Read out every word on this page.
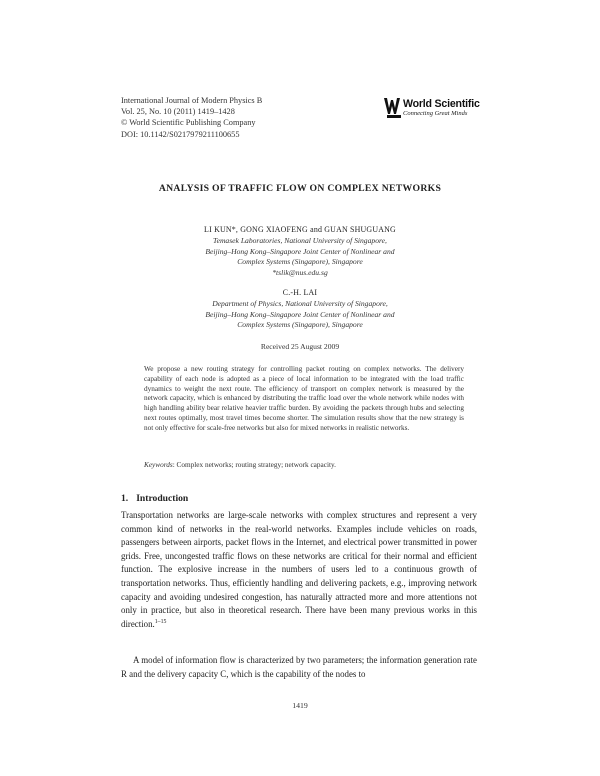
International Journal of Modern Physics B
Vol. 25, No. 10 (2011) 1419–1428
© World Scientific Publishing Company
DOI: 10.1142/S0217979211100655
World Scientific
Connecting Great Minds
ANALYSIS OF TRAFFIC FLOW ON COMPLEX NETWORKS
LI KUN*, GONG XIAOFENG and GUAN SHUGUANG
Temasek Laboratories, National University of Singapore,
Beijing–Hong Kong–Singapore Joint Center of Nonlinear and
Complex Systems (Singapore), Singapore
*tslik@nus.edu.sg
C.-H. LAI
Department of Physics, National University of Singapore,
Beijing–Hong Kong–Singapore Joint Center of Nonlinear and
Complex Systems (Singapore), Singapore
Received 25 August 2009
We propose a new routing strategy for controlling packet routing on complex networks. The delivery capability of each node is adopted as a piece of local information to be integrated with the load traffic dynamics to weight the next route. The efficiency of transport on complex network is measured by the network capacity, which is enhanced by distributing the traffic load over the whole network while nodes with high handling ability bear relative heavier traffic burden. By avoiding the packets through hubs and selecting next routes optimally, most travel times become shorter. The simulation results show that the new strategy is not only effective for scale-free networks but also for mixed networks in realistic networks.
Keywords: Complex networks; routing strategy; network capacity.
1. Introduction
Transportation networks are large-scale networks with complex structures and represent a very common kind of networks in the real-world networks. Examples include vehicles on roads, passengers between airports, packet flows in the Internet, and electrical power transmitted in power grids. Free, uncongested traffic flows on these networks are critical for their normal and efficient function. The explosive increase in the numbers of users led to a continuous growth of transportation networks. Thus, efficiently handling and delivering packets, e.g., improving network capacity and avoiding undesired congestion, has naturally attracted more and more attentions not only in practice, but also in theoretical research. There have been many previous works in this direction.$^{1-15}$
A model of information flow is characterized by two parameters; the information generation rate R and the delivery capacity C, which is the capability of the nodes to
1419
